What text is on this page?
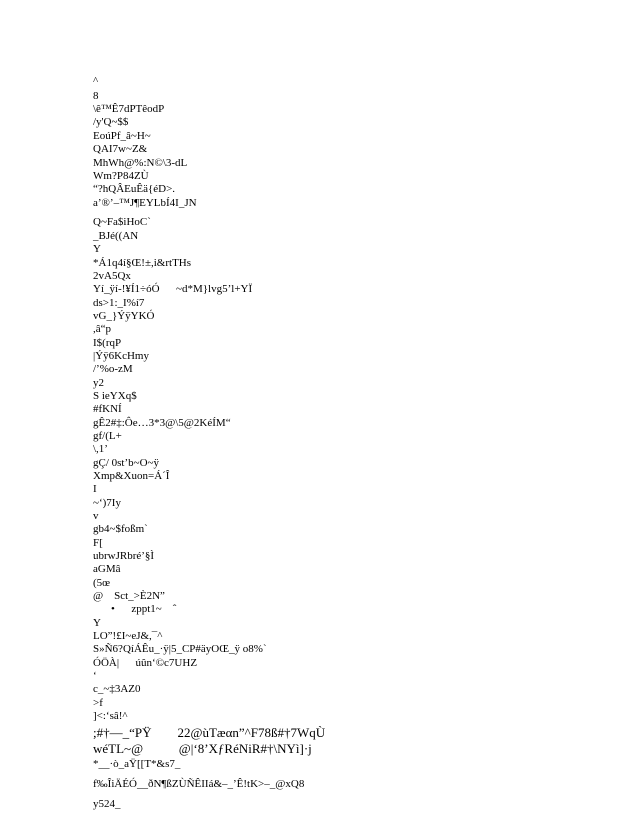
^
8
\ê™Ê7dPTêodP
/y'Q~$$
EoúPf_â~H~
QAI7w~Z&
MhWh@%:N©\3-dL
Wm?P84ZÙ
“?hQÂEuÊä{éD>.
a’®’–™J¶EYLbÍ4I_JN
Q~Fa$iHoC`
_BJé((AN
Y
*Á1q4í§Œ!±,i&rtTHs
2vA5Qx
Yí_ÿí-!¥Í1÷óÓ      ~d*M}lvg5’l+YÏ
ds>1:_I%í7
vG_}ÝÿYKÓ
,â“p
I$(rqP
|Ýÿ6KcHmy
/’%o-zM
y2
S ieYXq$
#fKNÍ
gÊ2#‡:Ôe…3*3@\5@2KéÍM“
gf/(L+
\,1’
gÇ/ 0st’b~O~ÿ
Xmp&Xuon=Á´Î
I
~‘)7Iy
v
gb4~$foßm`
F[
ubrwJRbré’§Ì
aGMâ
(5œ
@    Sct_>È2N”
•      zppt1~    ˆ
Y
LO”!£I~eJ&,¯^
S»Ñ6?QíÁÊu_·ÿ|5_CP#äyOŒ_ÿ o8%`
ÓÖÀ|      úûn‘©c7UHZ
‘
c_~‡3AZ0
>f
]<:‘sâ!^
;#†—_“PŸ        22@ùTæαn”^F78ß#†7WqÙ
wéTL~@           @|‘8’XƒRéNiR#†\NYì]·j
*__·ò_aŸ[[T*&s7_
f‰ÎiÄÉÓ__ðN¶ßZÙÑÊIIá&–_’Ê!tK>–_@xQ8
y524_
